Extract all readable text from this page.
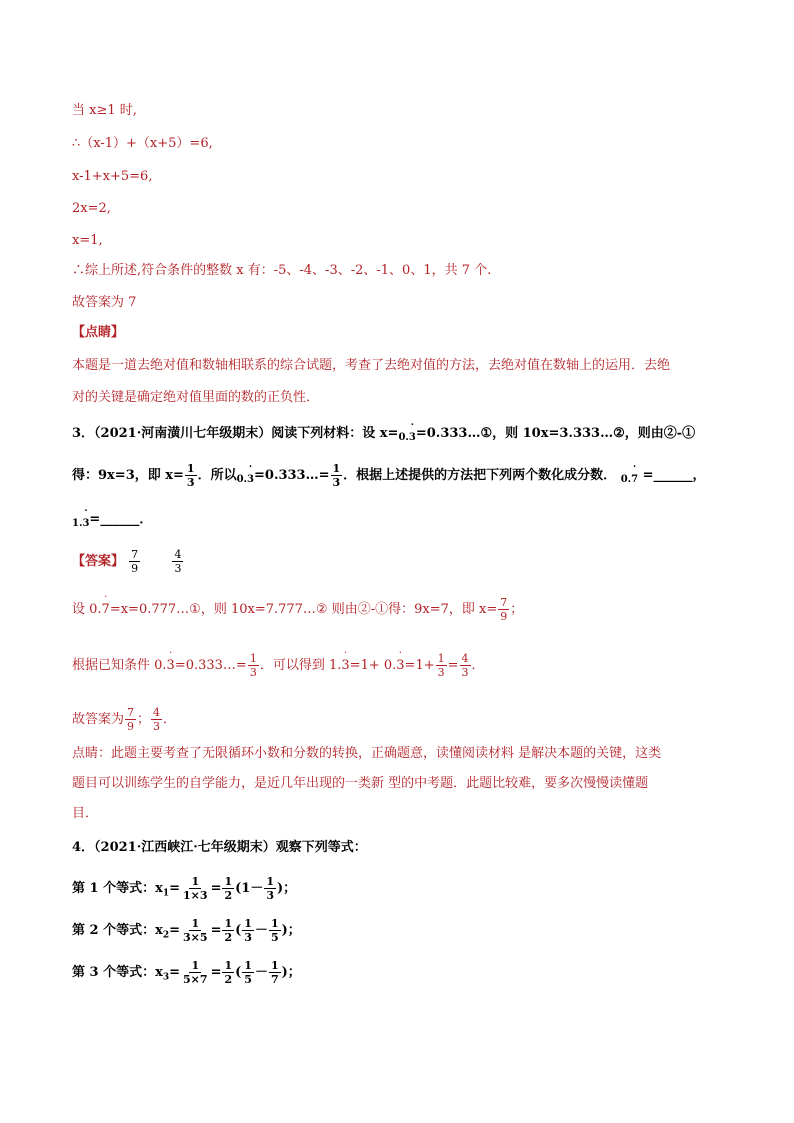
当 x≥1 时,
∴（x-1）+（x+5）=6,
x-1+x+5=6,
2x=2,
x=1,
∴综上所述,符合条件的整数 x 有：-5、-4、-3、-2、-1、0、1，共 7 个.
故答案为 7
【点睛】
本题是一道去绝对值和数轴相联系的综合试题，考查了去绝对值的方法，去绝对值在数轴上的运用．去绝
对的关键是确定绝对值里面的数的正负性．
3．（2021·河南潢川七年级期末）阅读下列材料：设 $x=_{0.˙ 3}=0.333\dots ①$，则 10x=3.333…②，则由②-①
得：9x=3，即 $x= \frac{1}{3}$ ．所以$_{0.˙ 3}$=0.333…= $\frac{1}{3}$ ．根据上述提供的方法把下列两个数化成分数． $_{0.˙ 7}$ =______，
$_{1.˙ 3}$=______．
【答案】 $\frac{7}{9}$
	$\frac{4}{3}$
设 0.˙ 7=x=0.777…①，则 10x=7.777…② 则由②-①得：9x=7，即 $x= \frac{7}{9}$ ；
根据已知条件 0.˙ 3=0.333…= $\frac{1}{3}$ ．可以得到 1.˙ 3=1+ 0.˙ $3=1+ \frac{1}{3} = \frac{4}{3}$ ．
故答案为 $\frac{7}{9}$ ； $\frac{4}{3}$ ．
点睛：此题主要考查了无限循环小数和分数的转换，正确题意，读懂阅读材料 是解决本题的关键，这类
题目可以训练学生的自学能力，是近几年出现的一类新 型的中考题．此题比较难，要多次慢慢读懂题
目．
4．（2021·江西峡江·七年级期末）观察下列等式：
第 1 个等式：$x_1= \frac{1}{1\times 3} = \frac{1}{2} (1- \frac{1}{3}$ )；
第 2 个等式：$x_2= \frac{1}{3\times 5} = \frac{1}{2}$ ( $\frac{1}{3} - \frac{1}{5}$ )；
第 3 个等式：$x_3= \frac{1}{5\times 7} = \frac{1}{2}$ ( $\frac{1}{5} - \frac{1}{7}$ )；
